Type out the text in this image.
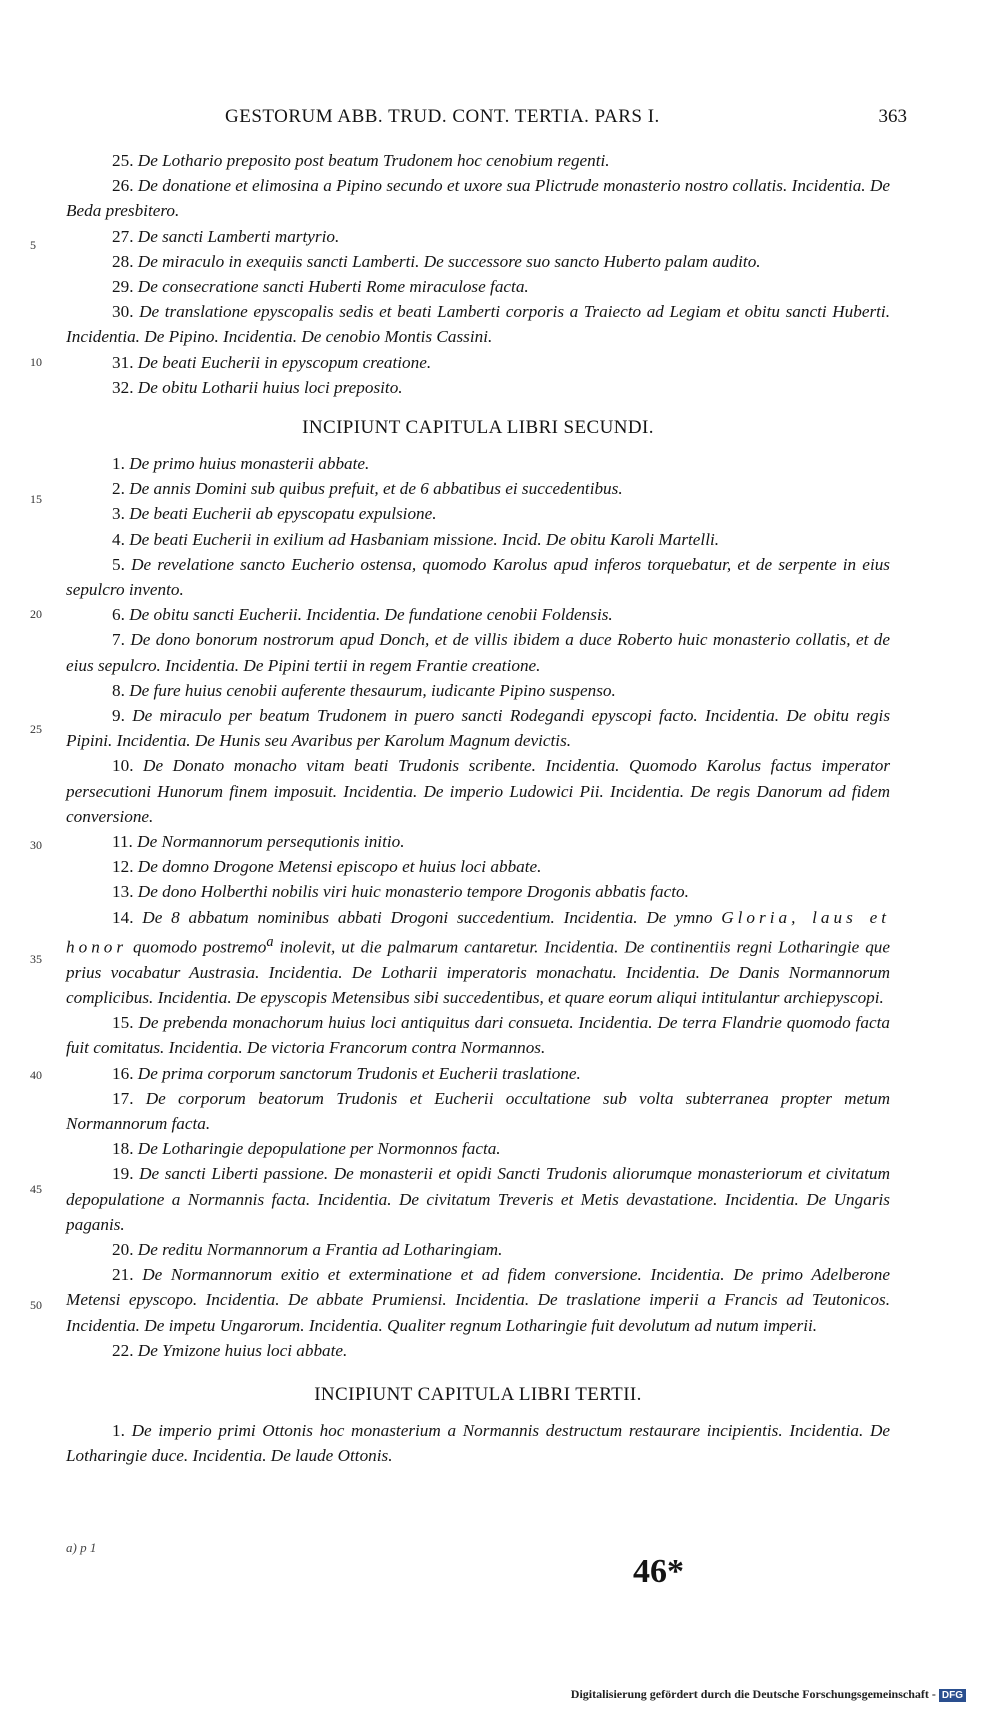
GESTORUM ABB. TRUD. CONT. TERTIA. PARS I.	363
5
10
15
20
25
30
35
40
45
50

25. De Lothario preposito post beatum Trudonem hoc cenobium regenti.

26. De donatione et elimosina a Pipino secundo et uxore sua Plictrude monasterio nostro collatis. Incidentia. De Beda presbitero.

27. De sancti Lamberti martyrio.

28. De miraculo in exequiis sancti Lamberti. De successore suo sancto Huberto palam audito.

29. De consecratione sancti Huberti Rome miraculose facta.

30. De translatione epyscopalis sedis et beati Lamberti corporis a Traiecto ad Legiam et obitu sancti Huberti. Incidentia. De Pipino. Incidentia. De cenobio Montis Cassini.

31. De beati Eucherii in epyscopum creatione.

32. De obitu Lotharii huius loci preposito.

INCIPIUNT CAPITULA LIBRI SECUNDI.

1. De primo huius monasterii abbate.

2. De annis Domini sub quibus prefuit, et de 6 abbatibus ei succedentibus.

3. De beati Eucherii ab epyscopatu expulsione.

4. De beati Eucherii in exilium ad Hasbaniam missione. Incid. De obitu Karoli Martelli.

5. De revelatione sancto Eucherio ostensa, quomodo Karolus apud inferos torquebatur, et de serpente in eius sepulcro invento.

6. De obitu sancti Eucherii. Incidentia. De fundatione cenobii Foldensis.

7. De dono bonorum nostrorum apud Donch, et de villis ibidem a duce Roberto huic monasterio collatis, et de eius sepulcro. Incidentia. De Pipini tertii in regem Frantie creatione.

8. De fure huius cenobii auferente thesaurum, iudicante Pipino suspenso.

9. De miraculo per beatum Trudonem in puero sancti Rodegandi epyscopi facto. Incidentia. De obitu regis Pipini. Incidentia. De Hunis seu Avaribus per Karolum Magnum devictis.

10. De Donato monacho vitam beati Trudonis scribente. Incidentia. Quomodo Karolus factus imperator persecutioni Hunorum finem imposuit. Incidentia. De imperio Ludowici Pii. Incidentia. De regis Danorum ad fidem conversione.

11. De Normannorum persequtionis initio.

12. De domno Drogone Metensi episcopo et huius loci abbate.

13. De dono Holberthi nobilis viri huic monasterio tempore Drogonis abbatis facto.

14. De 8 abbatum nominibus abbati Drogoni succedentium. Incidentia. De ymno Gloria, laus et honor quomodo postremo$^a$ inolevit, ut die palmarum cantaretur. Incidentia. De continentiis regni Lotharingie que prius vocabatur Austrasia. Incidentia. De Lotharii imperatoris monachatu. Incidentia. De Danis Normannorum complicibus. Incidentia. De epyscopis Metensibus sibi succedentibus, et quare eorum aliqui intitulantur archiepyscopi.

15. De prebenda monachorum huius loci antiquitus dari consueta. Incidentia. De terra Flandrie quomodo facta fuit comitatus. Incidentia. De victoria Francorum contra Normannos.

16. De prima corporum sanctorum Trudonis et Eucherii traslatione.

17. De corporum beatorum Trudonis et Eucherii occultatione sub volta subterranea propter metum Normannorum facta.

18. De Lotharingie depopulatione per Normonnos facta.

19. De sancti Liberti passione. De monasterii et opidi Sancti Trudonis aliorumque monasteriorum et civitatum depopulatione a Normannis facta. Incidentia. De civitatum Treveris et Metis devastatione. Incidentia. De Ungaris paganis.

20. De reditu Normannorum a Frantia ad Lotharingiam.

21. De Normannorum exitio et exterminatione et ad fidem conversione. Incidentia. De primo Adelberone Metensi epyscopo. Incidentia. De abbate Prumiensi. Incidentia. De traslatione imperii a Francis ad Teutonicos. Incidentia. De impetu Ungarorum. Incidentia. Qualiter regnum Lotharingie fuit devolutum ad nutum imperii.

22. De Ymizone huius loci abbate.

INCIPIUNT CAPITULA LIBRI TERTII.

1. De imperio primi Ottonis hoc monasterium a Normannis destructum restaurare incipientis. Incidentia. De Lotharingie duce. Incidentia. De laude Ottonis.

a) p 1
46*
Digitalisierung gefördert durch die Deutsche Forschungsgemeinschaft - DFG
